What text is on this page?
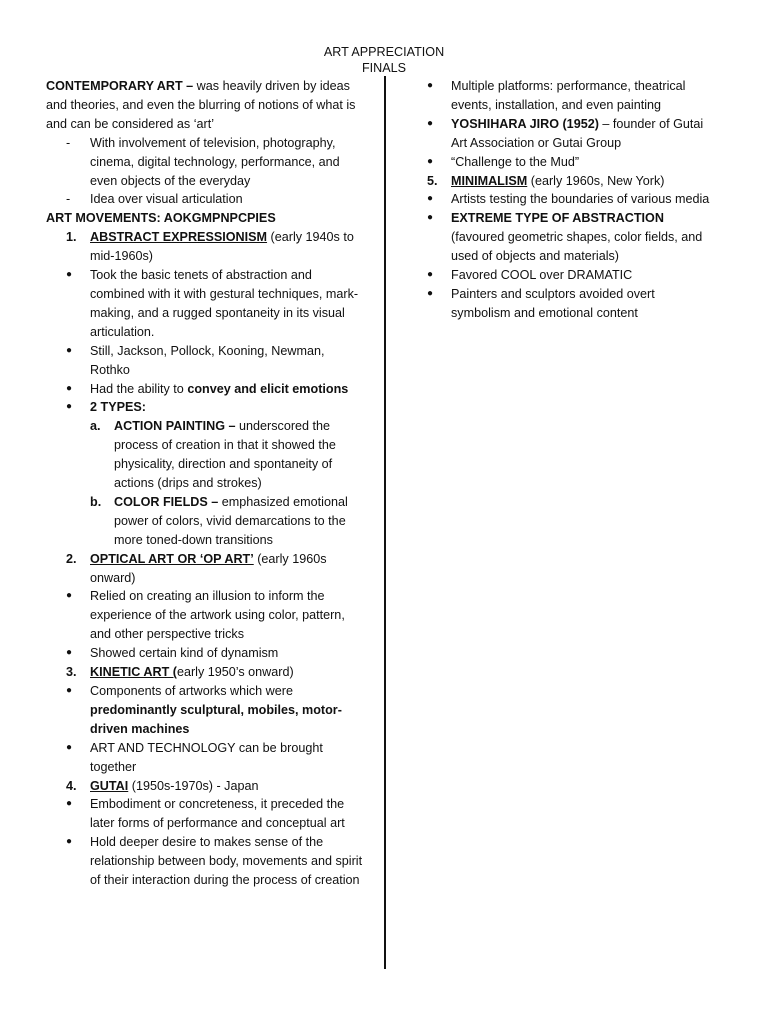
ART APPRECIATION
FINALS

CONTEMPORARY ART – was heavily driven by ideas and theories, and even the blurring of notions of what is and can be considered as ‘art’

- With involvement of television, photography, cinema, digital technology, performance, and even objects of the everyday
- Idea over visual articulation

ART MOVEMENTS: AOKGMPNPCPIES

1. ABSTRACT EXPRESSIONISM (early 1940s to mid-1960s)
● Took the basic tenets of abstraction and combined with it with gestural techniques, mark-making, and a rugged spontaneity in its visual articulation.
● Still, Jackson, Pollock, Kooning, Newman, Rothko
● Had the ability to convey and elicit emotions
● 2 TYPES:
a. ACTION PAINTING – underscored the process of creation in that it showed the physicality, direction and spontaneity of actions (drips and strokes)
b. COLOR FIELDS – emphasized emotional power of colors, vivid demarcations to the more toned-down transitions
2. OPTICAL ART OR ‘OP ART’ (early 1960s onward)
● Relied on creating an illusion to inform the experience of the artwork using color, pattern, and other perspective tricks
● Showed certain kind of dynamism
3. KINETIC ART (early 1950’s onward)
● Components of artworks which were predominantly sculptural, mobiles, motor-driven machines
● ART AND TECHNOLOGY can be brought together
4. GUTAI (1950s-1970s) - Japan
● Embodiment or concreteness, it preceded the later forms of performance and conceptual art
● Hold deeper desire to makes sense of the relationship between body, movements and spirit of their interaction during the process of creation
● Multiple platforms: performance, theatrical events, installation, and even painting
● YOSHIHARA JIRO (1952) – founder of Gutai Art Association or Gutai Group
● “Challenge to the Mud”
5. MINIMALISM (early 1960s, New York)
● Artists testing the boundaries of various media
● EXTREME TYPE OF ABSTRACTION (favoured geometric shapes, color fields, and used of objects and materials)
● Favored COOL over DRAMATIC
● Painters and sculptors avoided overt symbolism and emotional content
